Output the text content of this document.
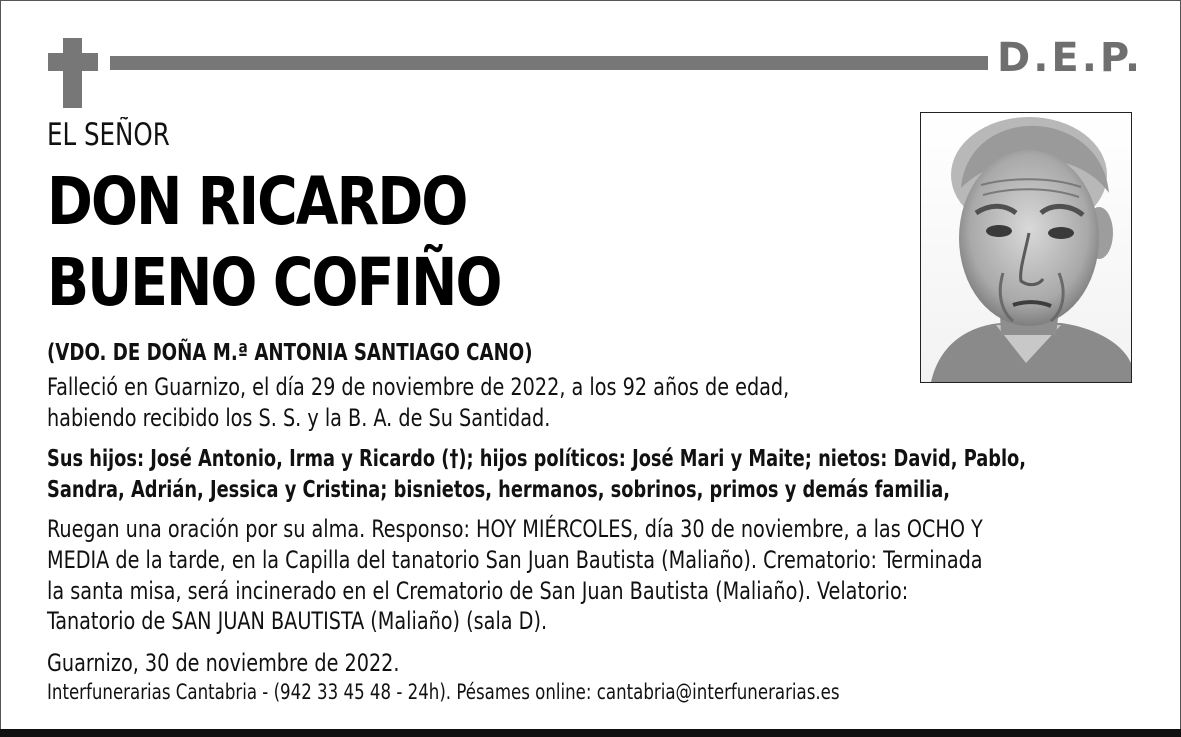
D.E.P.
EL SEÑOR
DON RICARDO
BUENO COFIÑO
(VDO. DE DOÑA M.ª ANTONIA SANTIAGO CANO)
Falleció en Guarnizo, el día 29 de noviembre de 2022, a los 92 años de edad,
habiendo recibido los S. S. y la B. A. de Su Santidad.
Sus hijos: José Antonio, Irma y Ricardo (†); hijos políticos: José Mari y Maite; nietos: David, Pablo,
Sandra, Adrián, Jessica y Cristina; bisnietos, hermanos, sobrinos, primos y demás familia,
Ruegan una oración por su alma. Responso: HOY MIÉRCOLES, día 30 de noviembre, a las OCHO Y
MEDIA de la tarde, en la Capilla del tanatorio San Juan Bautista (Maliaño). Crematorio: Terminada
la santa misa, será incinerado en el Crematorio de San Juan Bautista (Maliaño). Velatorio:
Tanatorio de SAN JUAN BAUTISTA (Maliaño) (sala D).
Guarnizo, 30 de noviembre de 2022.
Interfunerarias Cantabria - (942 33 45 48 - 24h). Pésames online: cantabria@interfunerarias.es
